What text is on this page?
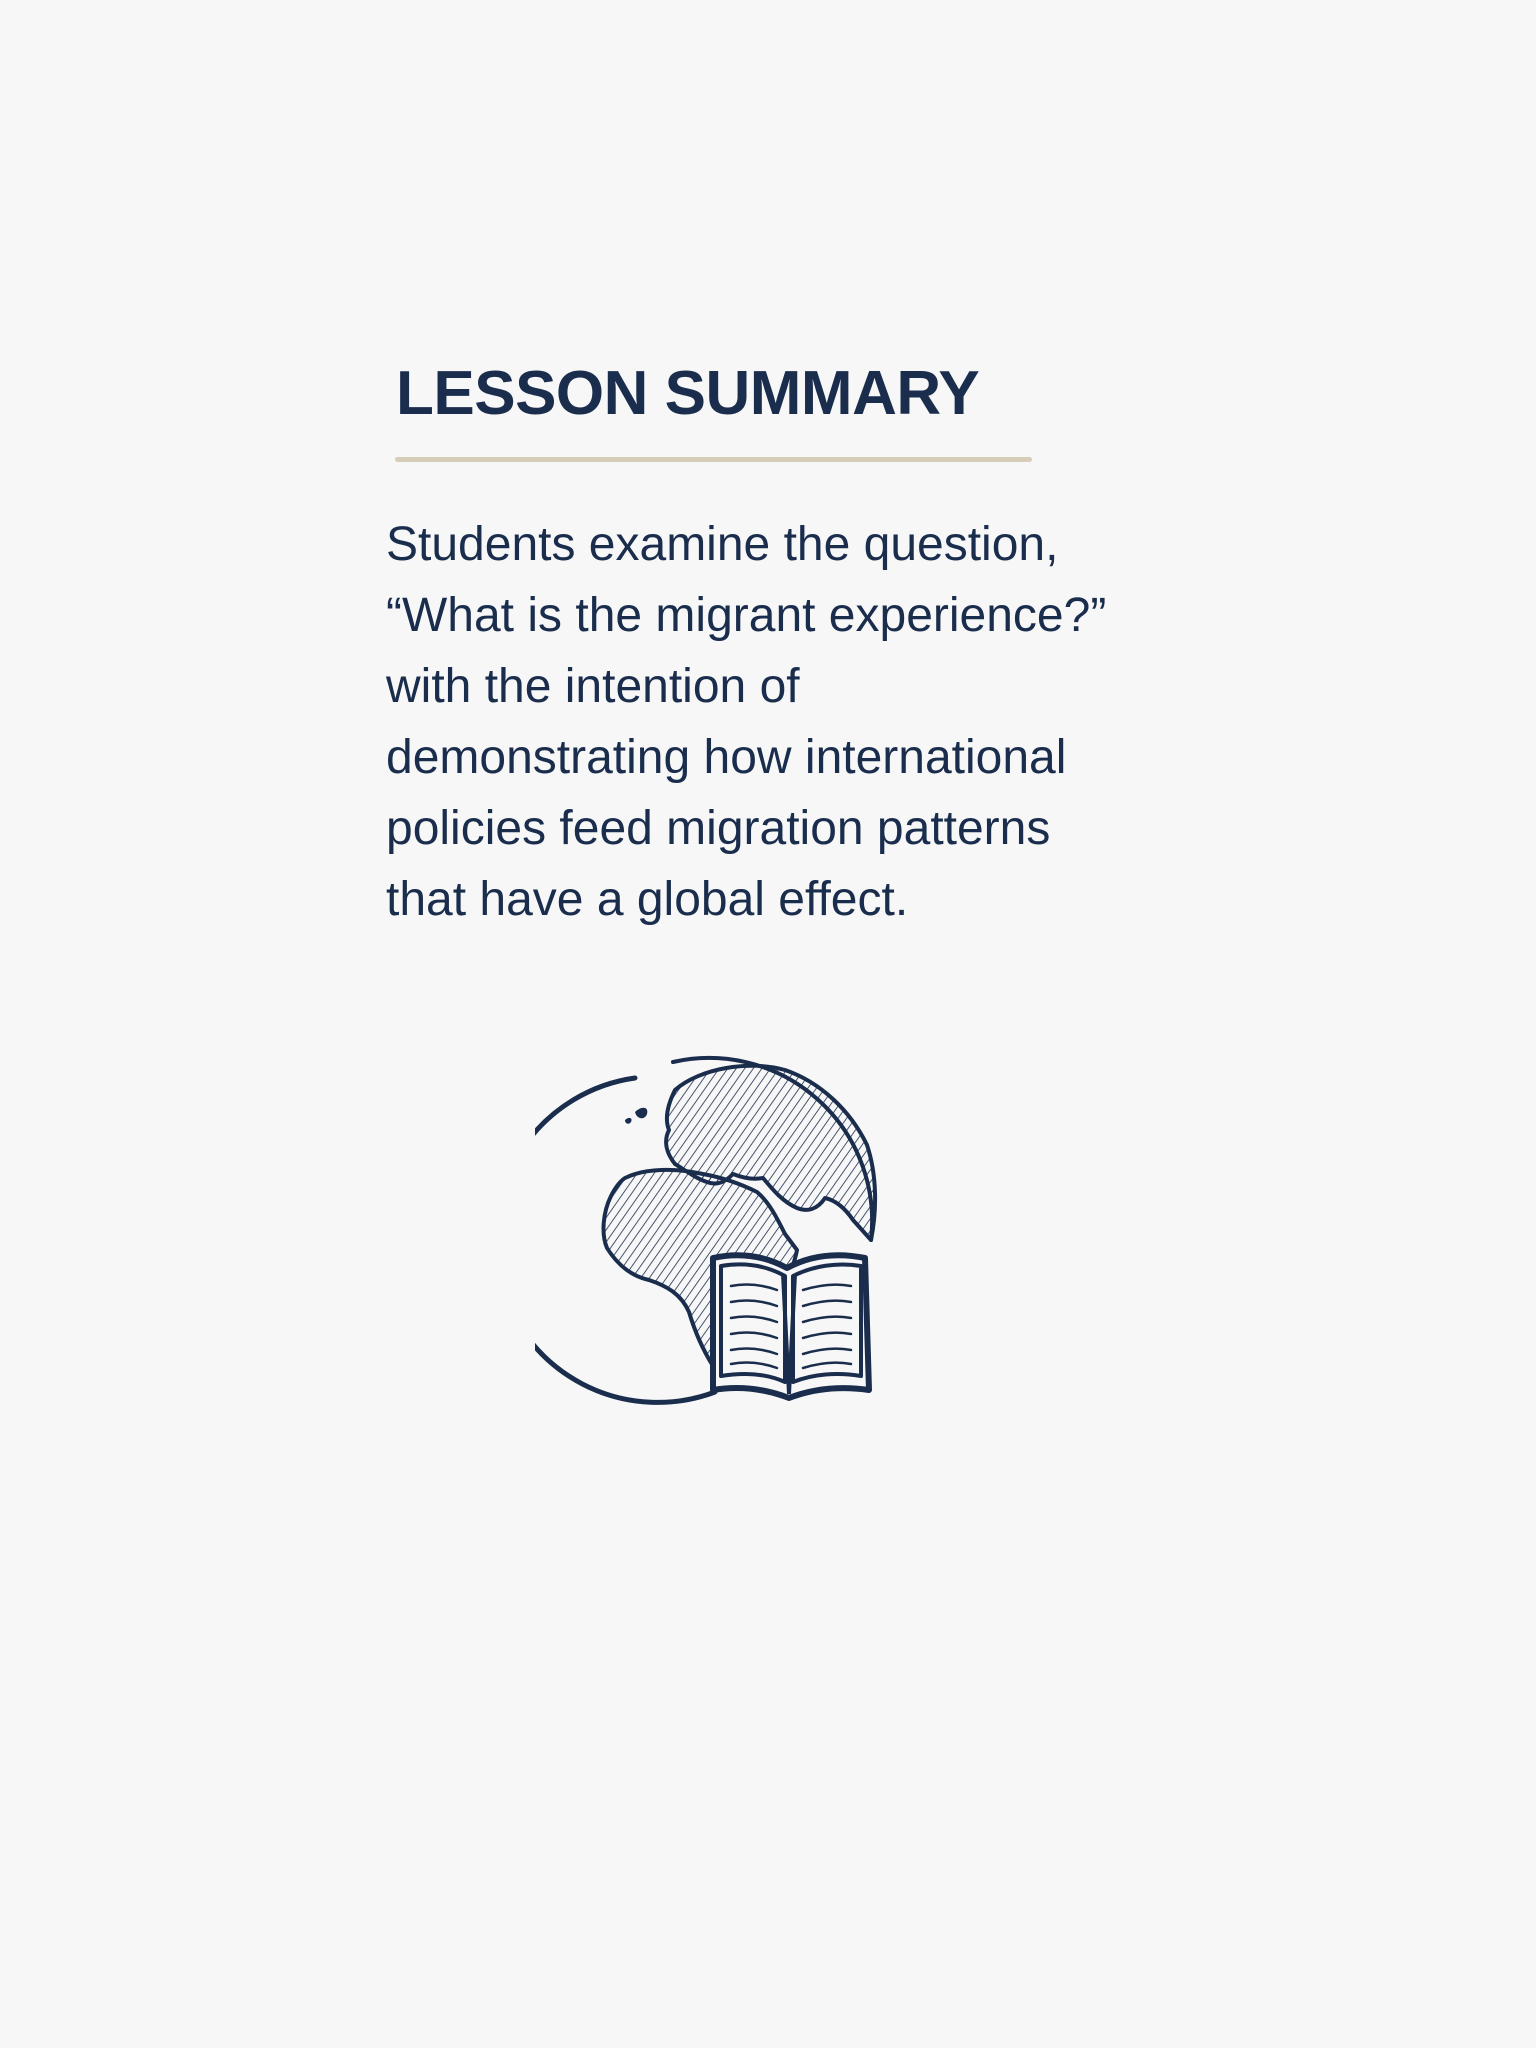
LESSON SUMMARY

Students examine the question,
“What is the migrant experience?”
with the intention of
demonstrating how international
policies feed migration patterns
that have a global effect.
